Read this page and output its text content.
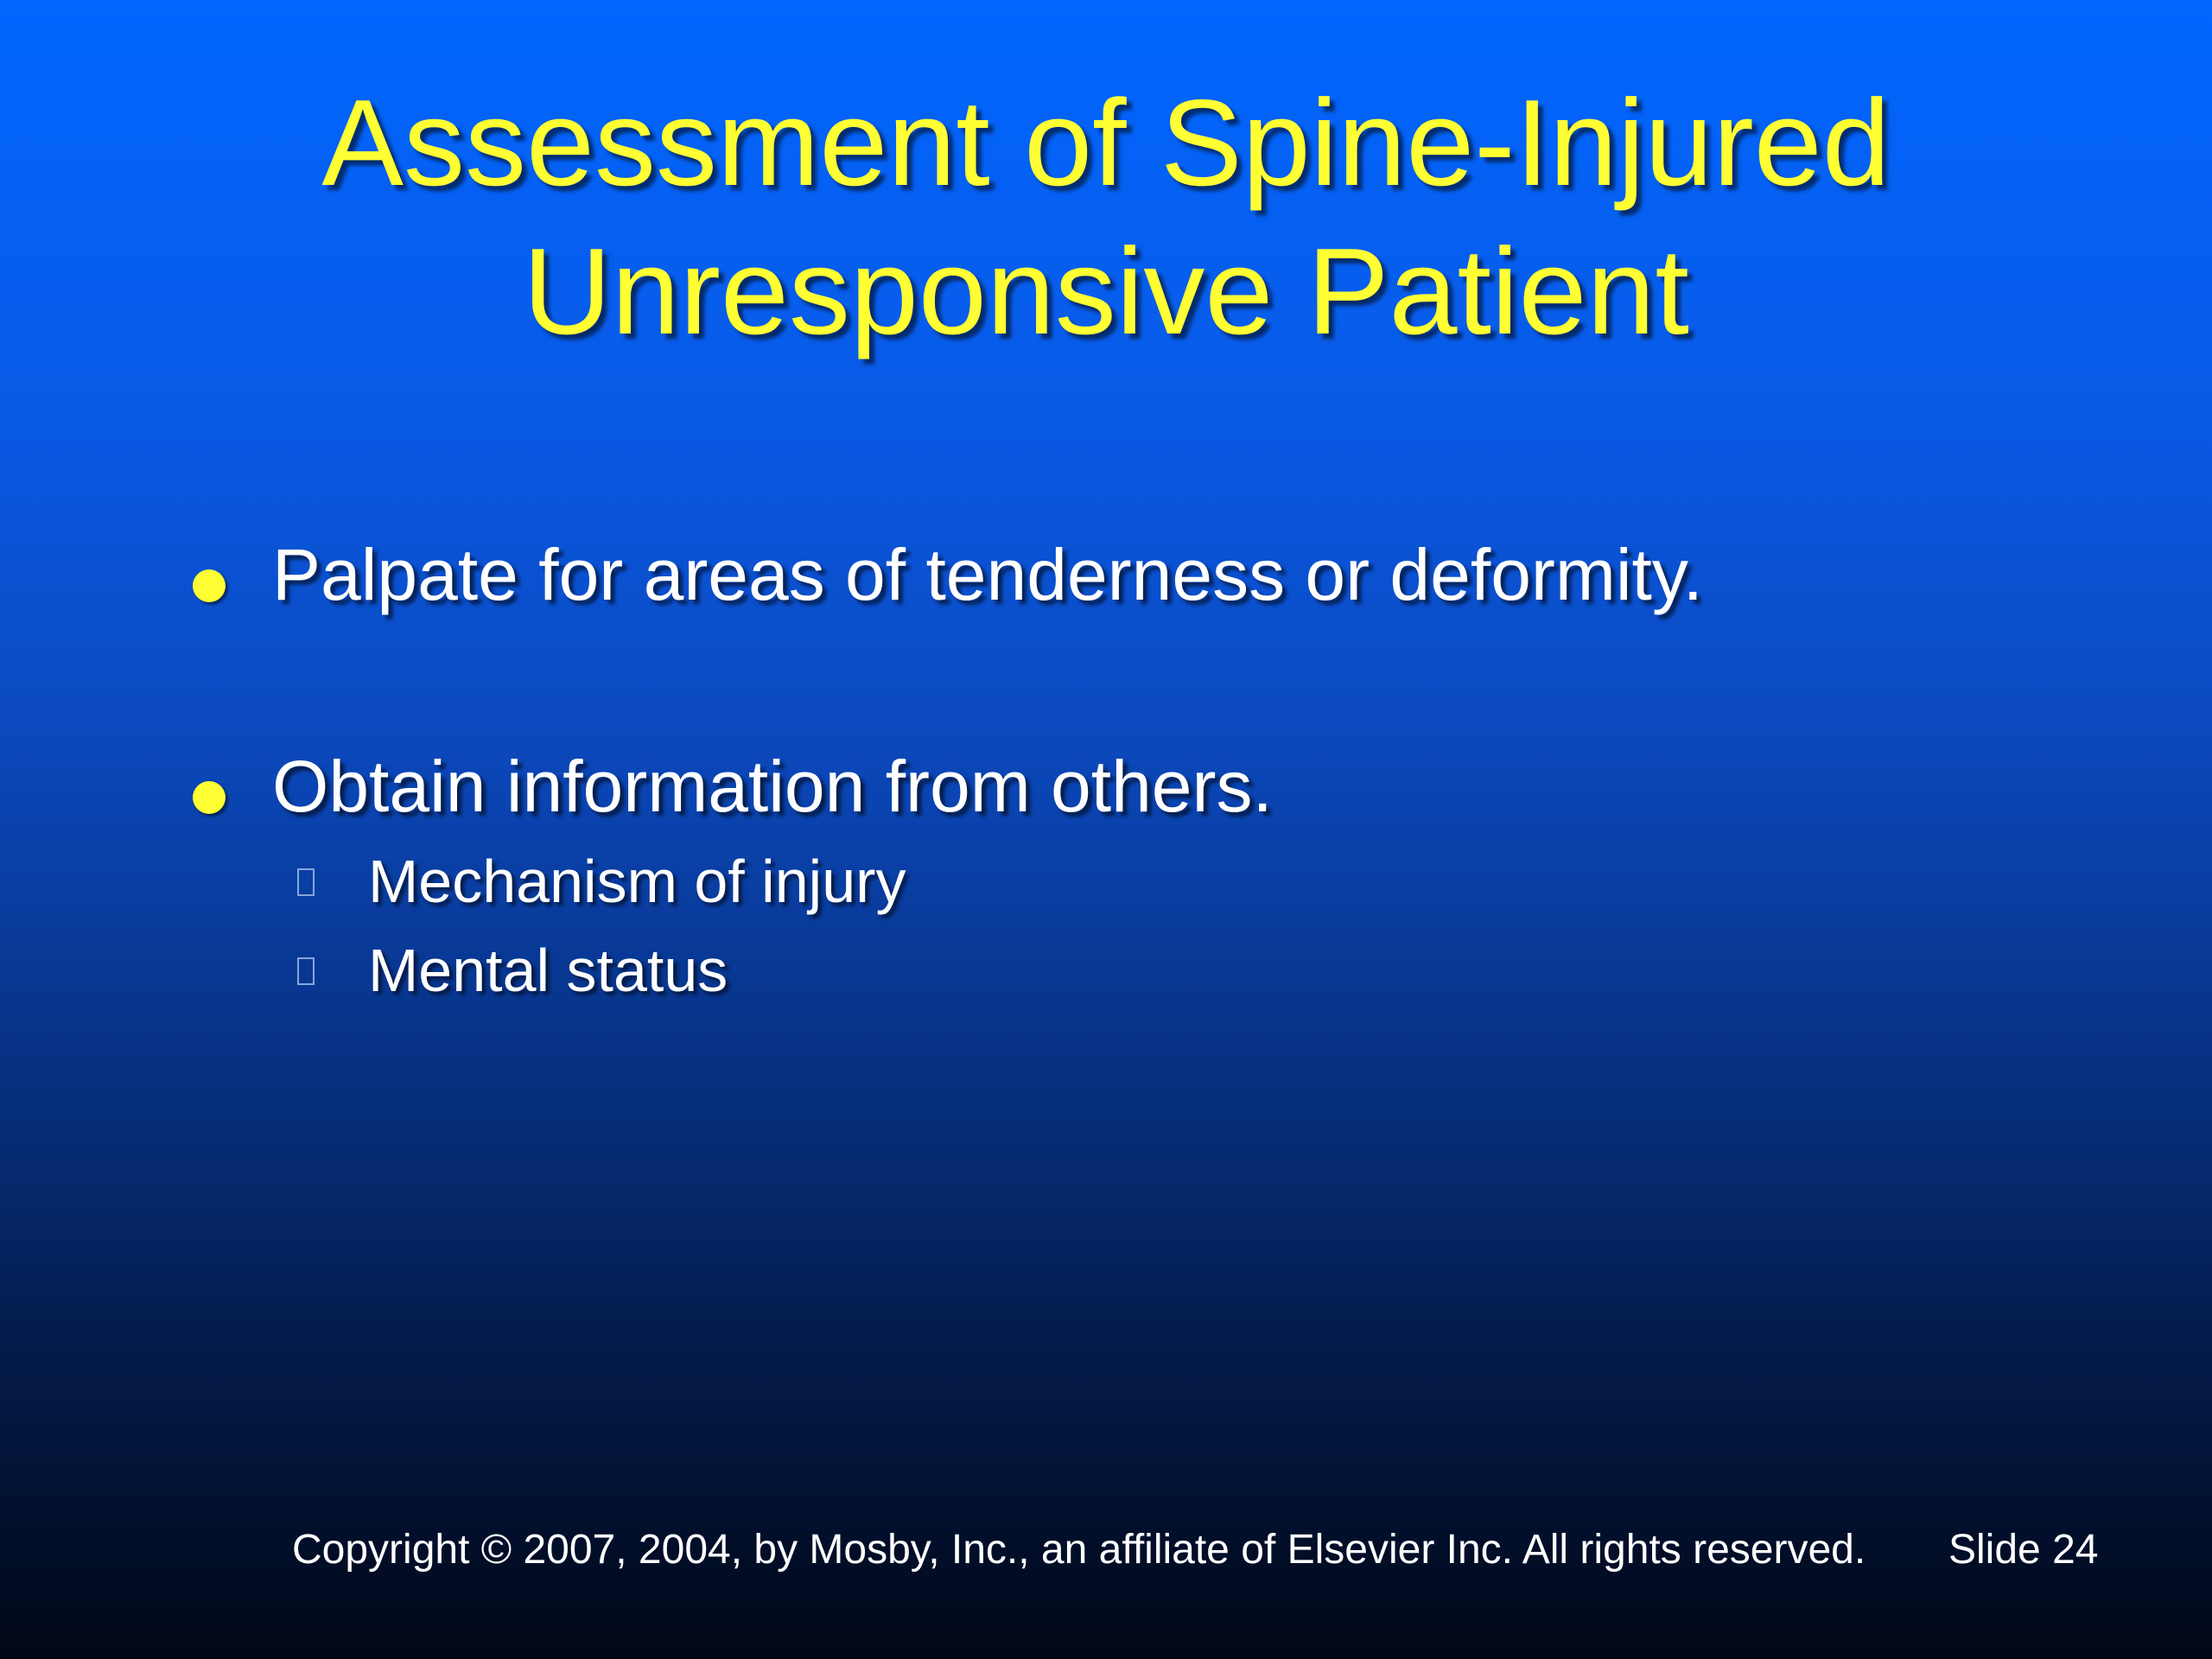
Assessment of Spine-Injured
Unresponsive Patient
Palpate for areas of tenderness or deformity.
Obtain information from others.
Mechanism of injury
Mental status
Copyright © 2007, 2004, by Mosby, Inc., an affiliate of Elsevier Inc. All rights reserved. Slide 24
